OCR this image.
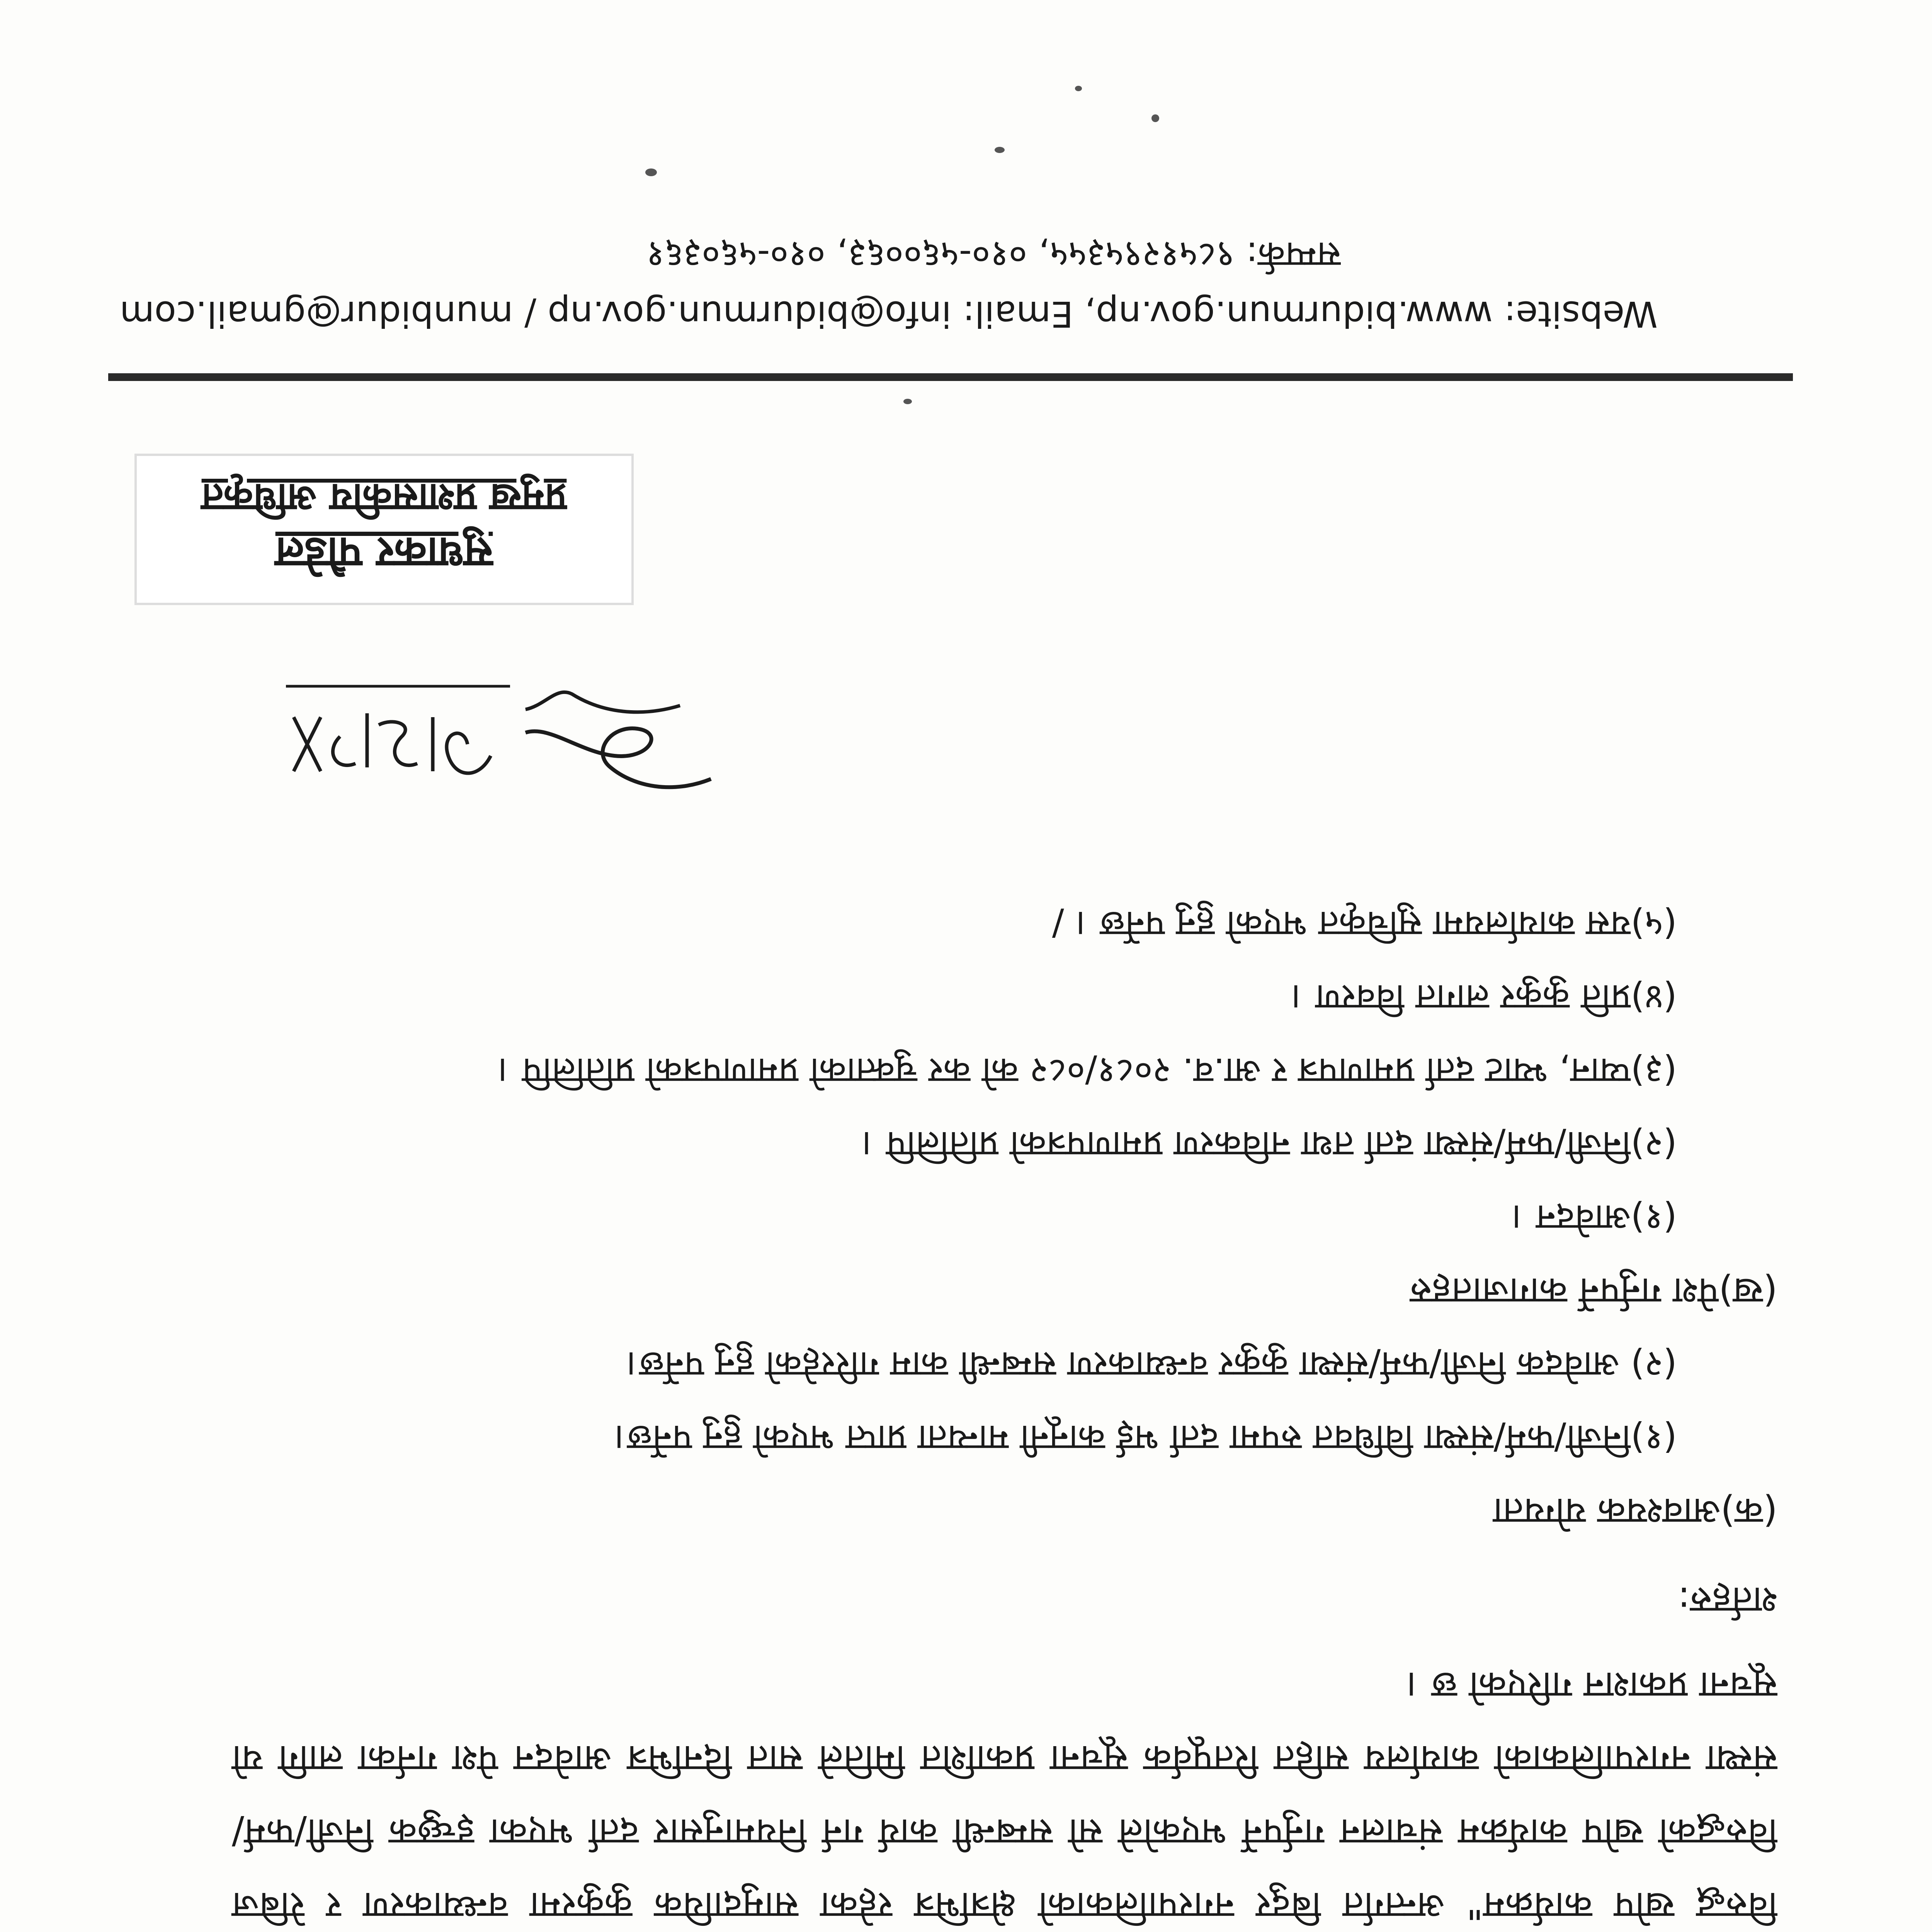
विरुद्ध खोप कार्यक्रम" अन्तर्गत बिदुर नगरपालिकाको क्षेत्रभित्र रहेका सामुदायिक कुकुरमा वन्ध्याकरण र रेबिज विरुद्धको खोप कार्यक्रम संचालन गर्नुपर्ने भएकोले सो सम्बन्धी कार्य गर्न नियमानुसार दर्ता भएका इच्छुक निजी/फर्म/संस्था नगरपालिकाको कार्यालय सहित रितपूर्वक सूचना प्रकाशित मितिले सात दिनभित्र आवेदन पेश गर्नका लागि यो सूचना प्रकाशन गरिएको छ ।

शर्तहरु:
(क)आवश्यक योग्यता
(१)निजी/फर्म/संस्था विधिवत रुपमा दर्ता भई कानूनी मान्यता प्राप्त भएको हुनु पर्नेछ।
(२) आवेदक निजी/फर्म/संस्था कुकुर वन्ध्याकरण सम्बन्धी काम गरिरहेको हुनु पर्नेछ।
(ख)पेश गर्नुपर्ने कागजातहरु
(१)आवेदन ।
(२)निजी/फर्म/संस्था दर्ता तथा नविकरण प्रमाणपत्रको प्रतिलिपि ।
(३)प्यान, भ्याट दर्ता प्रमाणपत्र र आ.व. २०८१/०८२ को कर चुक्ताको प्रमाणपत्रको प्रतिलिपि ।
(४)प्रति कुकुर लागत विवरण ।
(५)यस कार्यालयमा सुचिकृत भएको हुनु पर्नेछ । /
सुधाकर पौडेल
प्रमुख प्रशासकीय अधिकृत
Website: www.bidurmun.gov.np, Email: info@bidurmun.gov.np / munbidur@gmail.com
सम्पर्क: ९८५१२९५३५५, ०१०-५६००६३, ०१०-५६०३६१
